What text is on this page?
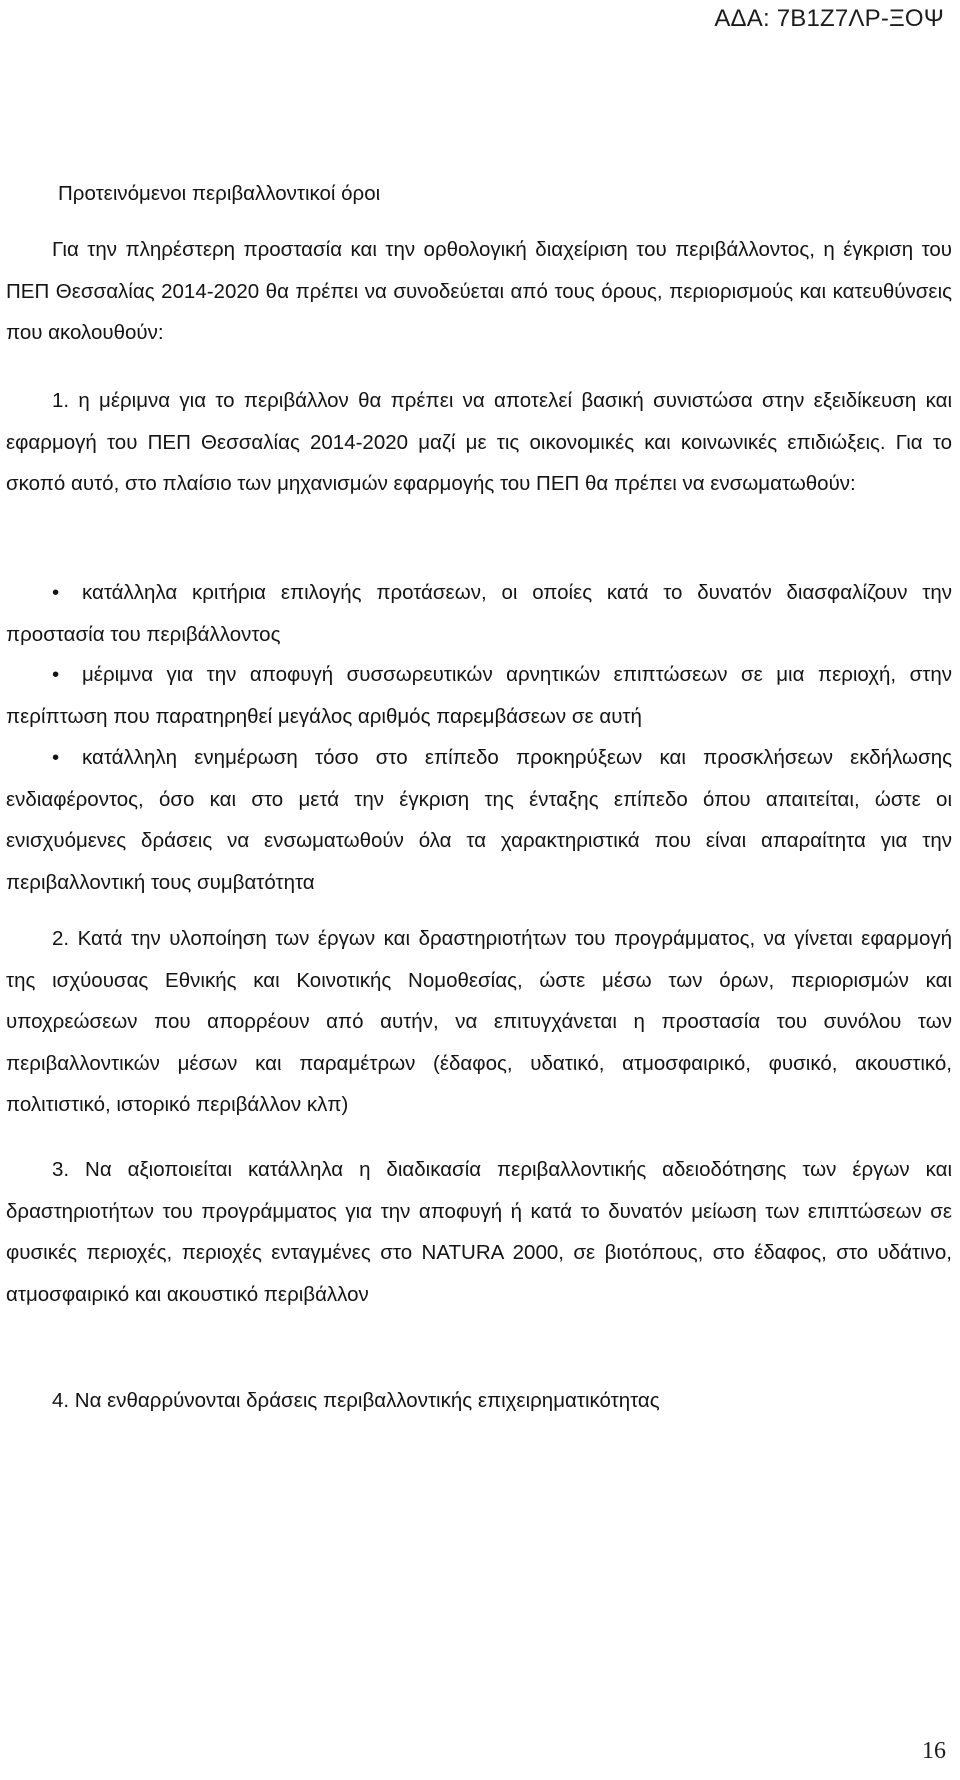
ΑΔΑ: 7Β1Ζ7ΛΡ-ΞΟΨ
Προτεινόμενοι περιβαλλοντικοί όροι

Για την πληρέστερη προστασία και την ορθολογική διαχείριση του περιβάλλοντος, η έγκριση του ΠΕΠ Θεσσαλίας 2014-2020 θα πρέπει να συνοδεύεται από τους όρους, περιορισμούς και κατευθύνσεις που ακολουθούν:

1. η μέριμνα για το περιβάλλον θα πρέπει να αποτελεί βασική συνιστώσα στην εξειδίκευση και εφαρμογή του ΠΕΠ Θεσσαλίας 2014-2020 μαζί με τις οικονομικές και κοινωνικές επιδιώξεις. Για το σκοπό αυτό, στο πλαίσιο των μηχανισμών εφαρμογής του ΠΕΠ θα πρέπει να ενσωματωθούν:

• κατάλληλα κριτήρια επιλογής προτάσεων, οι οποίες κατά το δυνατόν διασφαλίζουν την προστασία του περιβάλλοντος

• μέριμνα για την αποφυγή συσσωρευτικών αρνητικών επιπτώσεων σε μια περιοχή, στην περίπτωση που παρατηρηθεί μεγάλος αριθμός παρεμβάσεων σε αυτή

• κατάλληλη ενημέρωση τόσο στο επίπεδο προκηρύξεων και προσκλήσεων εκδήλωσης ενδιαφέροντος, όσο και στο μετά την έγκριση της ένταξης επίπεδο όπου απαιτείται, ώστε οι ενισχυόμενες δράσεις να ενσωματωθούν όλα τα χαρακτηριστικά που είναι απαραίτητα για την περιβαλλοντική τους συμβατότητα

2. Κατά την υλοποίηση των έργων και δραστηριοτήτων του προγράμματος, να γίνεται εφαρμογή της ισχύουσας Εθνικής και Κοινοτικής Νομοθεσίας, ώστε μέσω των όρων, περιορισμών και υποχρεώσεων που απορρέουν από αυτήν, να επιτυγχάνεται η προστασία του συνόλου των περιβαλλοντικών μέσων και παραμέτρων (έδαφος, υδατικό, ατμοσφαιρικό, φυσικό, ακουστικό, πολιτιστικό, ιστορικό περιβάλλον κλπ)

3. Να αξιοποιείται κατάλληλα η διαδικασία περιβαλλοντικής αδειοδότησης των έργων και δραστηριοτήτων του προγράμματος για την αποφυγή ή κατά το δυνατόν μείωση των επιπτώσεων σε φυσικές περιοχές, περιοχές ενταγμένες στο NATURA 2000, σε βιοτόπους, στο έδαφος, στο υδάτινο, ατμοσφαιρικό και ακουστικό περιβάλλον

4. Να ενθαρρύνονται δράσεις περιβαλλοντικής επιχειρηματικότητας

16
